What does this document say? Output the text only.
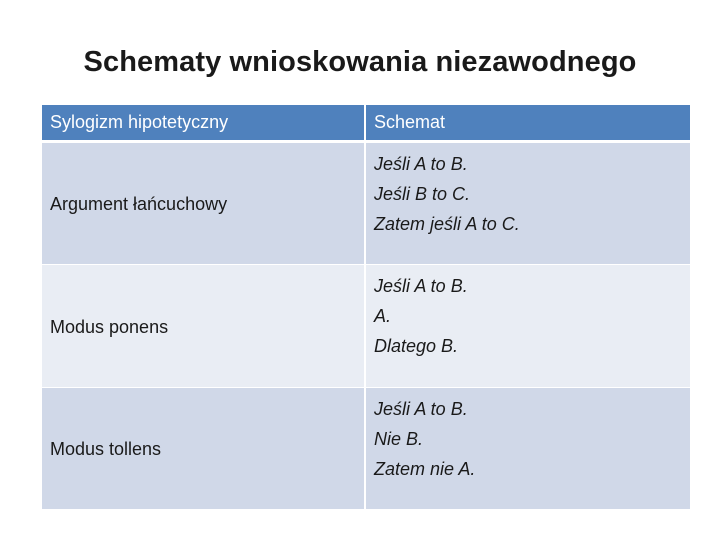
Schematy wnioskowania niezawodnego
Sylogizm hipotetyczny	Schemat
Argument łańcuchowy	Jeśli A to B.
Jeśli B to C.
Zatem jeśli A to C.

Modus ponens	Jeśli A to B.
A.
Dlatego B.

Modus tollens	Jeśli A to B.
Nie B.
Zatem nie A.
